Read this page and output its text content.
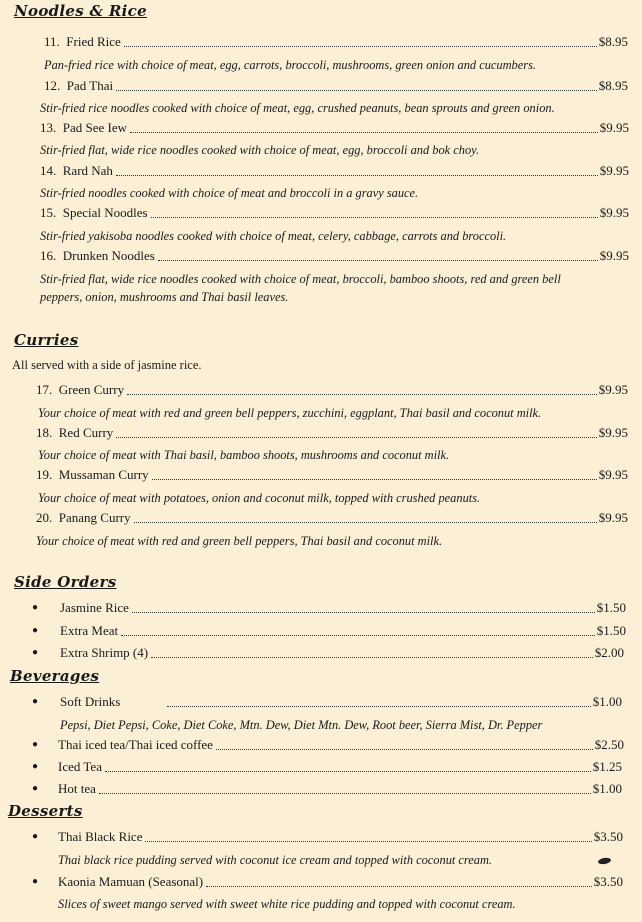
Noodles & Rice
11. Fried Rice	$8.95
Pan-fried rice with choice of meat, egg, carrots, broccoli, mushrooms, green onion and cucumbers.
12. Pad Thai	$8.95
Stir-fried rice noodles cooked with choice of meat, egg, crushed peanuts, bean sprouts and green onion.
13. Pad See Iew	$9.95
Stir-fried flat, wide rice noodles cooked with choice of meat, egg, broccoli and bok choy.
14. Rard Nah	$9.95
Stir-fried noodles cooked with choice of meat and broccoli in a gravy sauce.
15. Special Noodles	$9.95
Stir-fried yakisoba noodles cooked with choice of meat, celery, cabbage, carrots and broccoli.
16. Drunken Noodles	$9.95
Stir-fried flat, wide rice noodles cooked with choice of meat, broccoli, bamboo shoots, red and green bell
peppers, onion, mushrooms and Thai basil leaves.
Curries
All served with a side of jasmine rice.
17. Green Curry	$9.95
Your choice of meat with red and green bell peppers, zucchini, eggplant, Thai basil and coconut milk.
18. Red Curry	$9.95
Your choice of meat with Thai basil, bamboo shoots, mushrooms and coconut milk.
19. Mussaman Curry	$9.95
Your choice of meat with potatoes, onion and coconut milk, topped with crushed peanuts.
20. Panang Curry	$9.95
Your choice of meat with red and green bell peppers, Thai basil and coconut milk.
Side Orders
● Jasmine Rice	$1.50
● Extra Meat	$1.50
● Extra Shrimp (4)	$2.00
Beverages
● Soft Drinks	$1.00
Pepsi, Diet Pepsi, Coke, Diet Coke, Mtn. Dew, Diet Mtn. Dew, Root beer, Sierra Mist, Dr. Pepper
● Thai iced tea/Thai iced coffee	$2.50
● Iced Tea	$1.25
● Hot tea	$1.00
Desserts
● Thai Black Rice	$3.50
Thai black rice pudding served with coconut ice cream and topped with coconut cream.
● Kaonia Mamuan (Seasonal)	$3.50
Slices of sweet mango served with sweet white rice pudding and topped with coconut cream.
